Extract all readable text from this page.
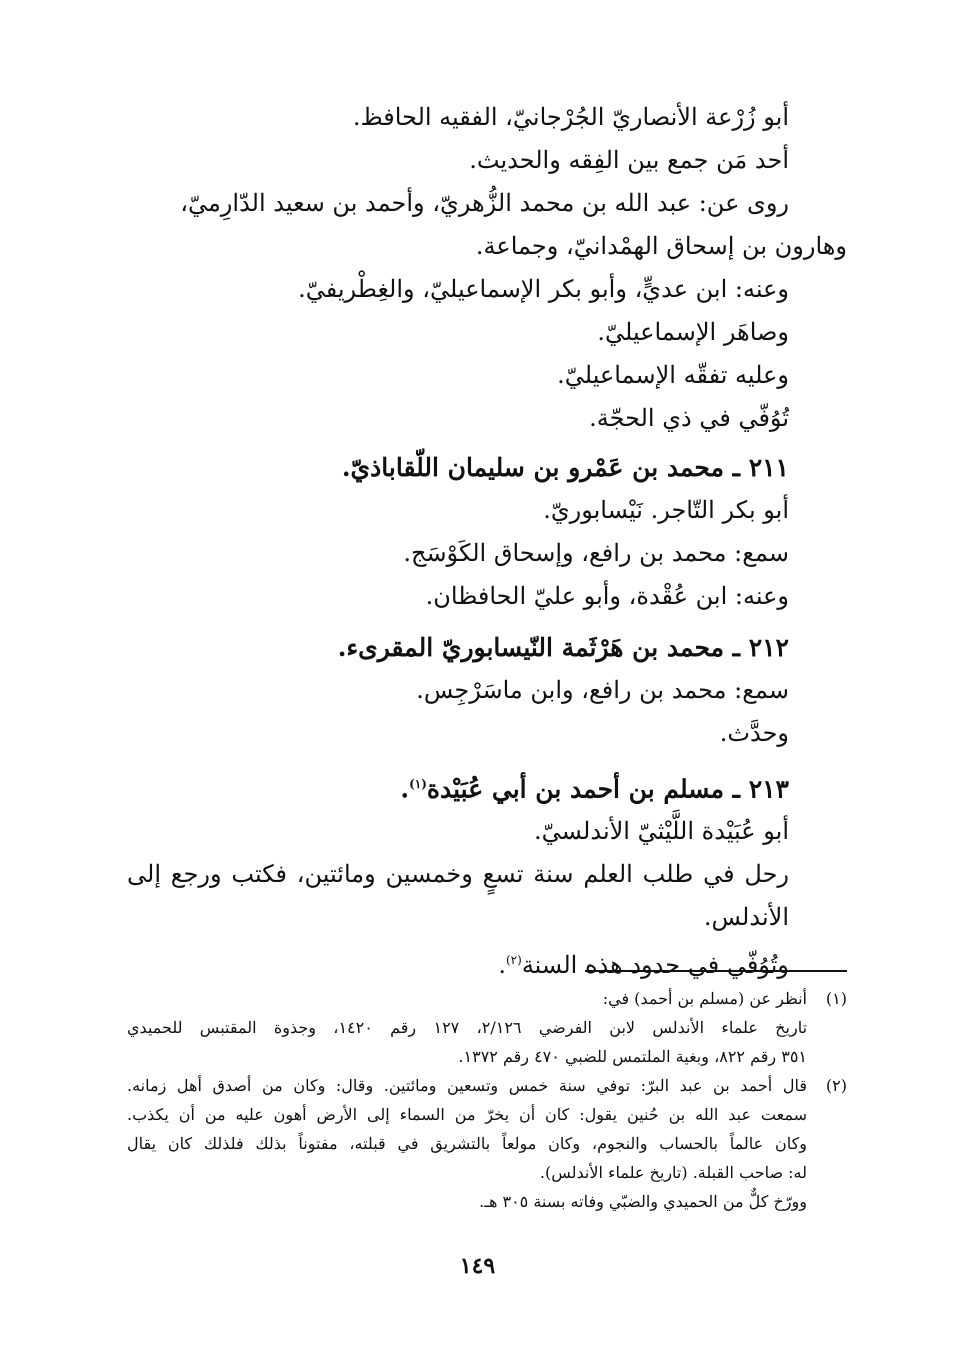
أبو زُرْعة الأنصاريّ الجُرْجانيّ، الفقيه الحافظ.
أحد مَن جمع بين الفِقه والحديث.
روى عن: عبد الله بن محمد الزُّهريّ، وأحمد بن سعيد الدّارِميّ،
وهارون بن إسحاق الهمْدانيّ، وجماعة.
وعنه: ابن عديٍّ، وأبو بكر الإسماعيليّ، والغِطْريفيّ.
وصاهَر الإسماعيليّ.
وعليه تفقّه الإسماعيليّ.
تُوُفّي في ذي الحجّة.
٢١١ ـ محمد بن عَمْرو بن سليمان اللّقاباذيّ.
أبو بكر التّاجر. نَيْسابوريّ.
سمع: محمد بن رافع، وإسحاق الكَوْسَج.
وعنه: ابن عُقْدة، وأبو عليّ الحافظان.
٢١٢ ـ محمد بن هَرْثَمة النّيسابوريّ المقرىء.
سمع: محمد بن رافع، وابن ماسَرْجِس.
وحدَّث.
٢١٣ ـ مسلم بن أحمد بن أبي عُبَيْدة$^{(١)}$.
أبو عُبَيْدة اللَّيْثيّ الأندلسيّ.
رحل في طلب العلم سنة تسعٍ وخمسين ومائتين، فكتب ورجع إلى الأندلس.
وتُوُفّي في حدود هذه السنة$^{(٢)}$.
(١)
أنظر عن (مسلم بن أحمد) في:
تاريخ علماء الأندلس لابن الفرضي ٢/١٢٦، ١٢٧ رقم ١٤٢٠، وجذوة المقتبس للحميدي
٣٥١ رقم ٨٢٢، وبغية الملتمس للضبي ٤٧٠ رقم ١٣٧٢.
(٢)
قال أحمد بن عبد البرّ: توفي سنة خمس وتسعين ومائتين. وقال: وكان من أصدق أهل زمانه.
سمعت عبد الله بن حُنين يقول: كان أن يخرّ من السماء إلى الأرض أهون عليه من أن يكذب.
وكان عالماً بالحساب والنجوم، وكان مولعاً بالتشريق في قبلته، مفتوناً بذلك فلذلك كان يقال
له: صاحب القبلة. (تاريخ علماء الأندلس).
وورّخ كلٌّ من الحميدي والضبّي وفاته بسنة ٣٠٥ هـ.
١٤٩
